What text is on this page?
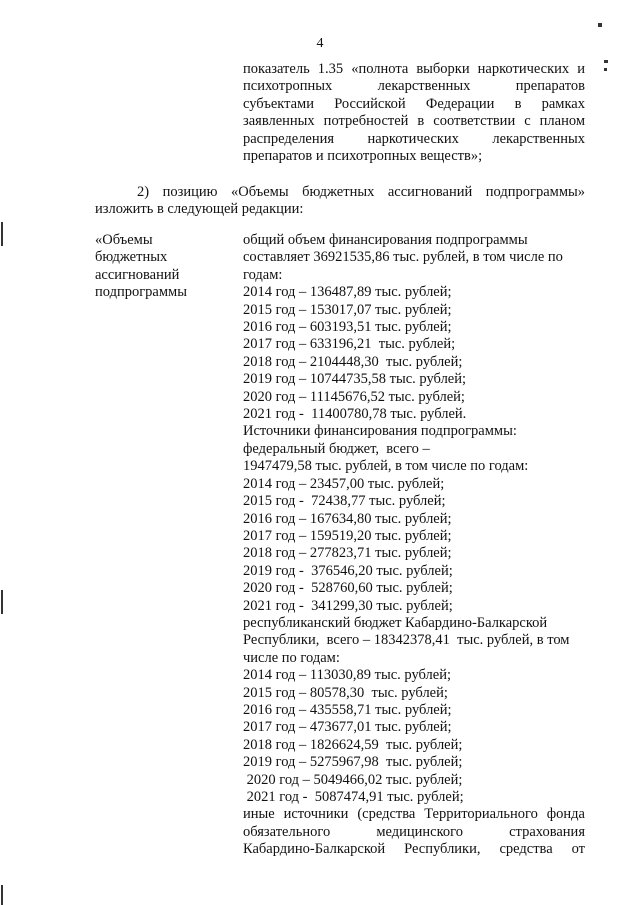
4
показатель 1.35 «полнота выборки наркотических и
психотропных лекарственных препаратов
субъектами Российской Федерации в рамках
заявленных потребностей в соответствии с планом
распределения наркотических лекарственных
препаратов и психотропных веществ»;
2) позицию «Объемы бюджетных ассигнований подпрограммы»
изложить в следующей редакции:
«Объемы
бюджетных
ассигнований
подпрограммы
общий объем финансирования подпрограммы
составляет 36921535,86 тыс. рублей, в том числе по
годам:
2014 год – 136487,89 тыс. рублей;
2015 год – 153017,07 тыс. рублей;
2016 год – 603193,51 тыс. рублей;
2017 год – 633196,21  тыс. рублей;
2018 год – 2104448,30  тыс. рублей;
2019 год – 10744735,58 тыс. рублей;
2020 год – 11145676,52 тыс. рублей;
2021 год -  11400780,78 тыс. рублей.
Источники финансирования подпрограммы:
федеральный бюджет,  всего –
1947479,58 тыс. рублей, в том числе по годам:
2014 год – 23457,00 тыс. рублей;
2015 год -  72438,77 тыс. рублей;
2016 год – 167634,80 тыс. рублей;
2017 год – 159519,20 тыс. рублей;
2018 год – 277823,71 тыс. рублей;
2019 год -  376546,20 тыс. рублей;
2020 год -  528760,60 тыс. рублей;
2021 год -  341299,30 тыс. рублей;
республиканский бюджет Кабардино-Балкарской
Республики,  всего – 18342378,41  тыс. рублей, в том
числе по годам:
2014 год – 113030,89 тыс. рублей;
2015 год – 80578,30  тыс. рублей;
2016 год – 435558,71 тыс. рублей;
2017 год – 473677,01 тыс. рублей;
2018 год – 1826624,59  тыс. рублей;
2019 год – 5275967,98  тыс. рублей;
2020 год – 5049466,02 тыс. рублей;
2021 год -  5087474,91 тыс. рублей;
иные источники (средства Территориального фонда
обязательного медицинского страхования
Кабардино-Балкарской Республики, средства от
